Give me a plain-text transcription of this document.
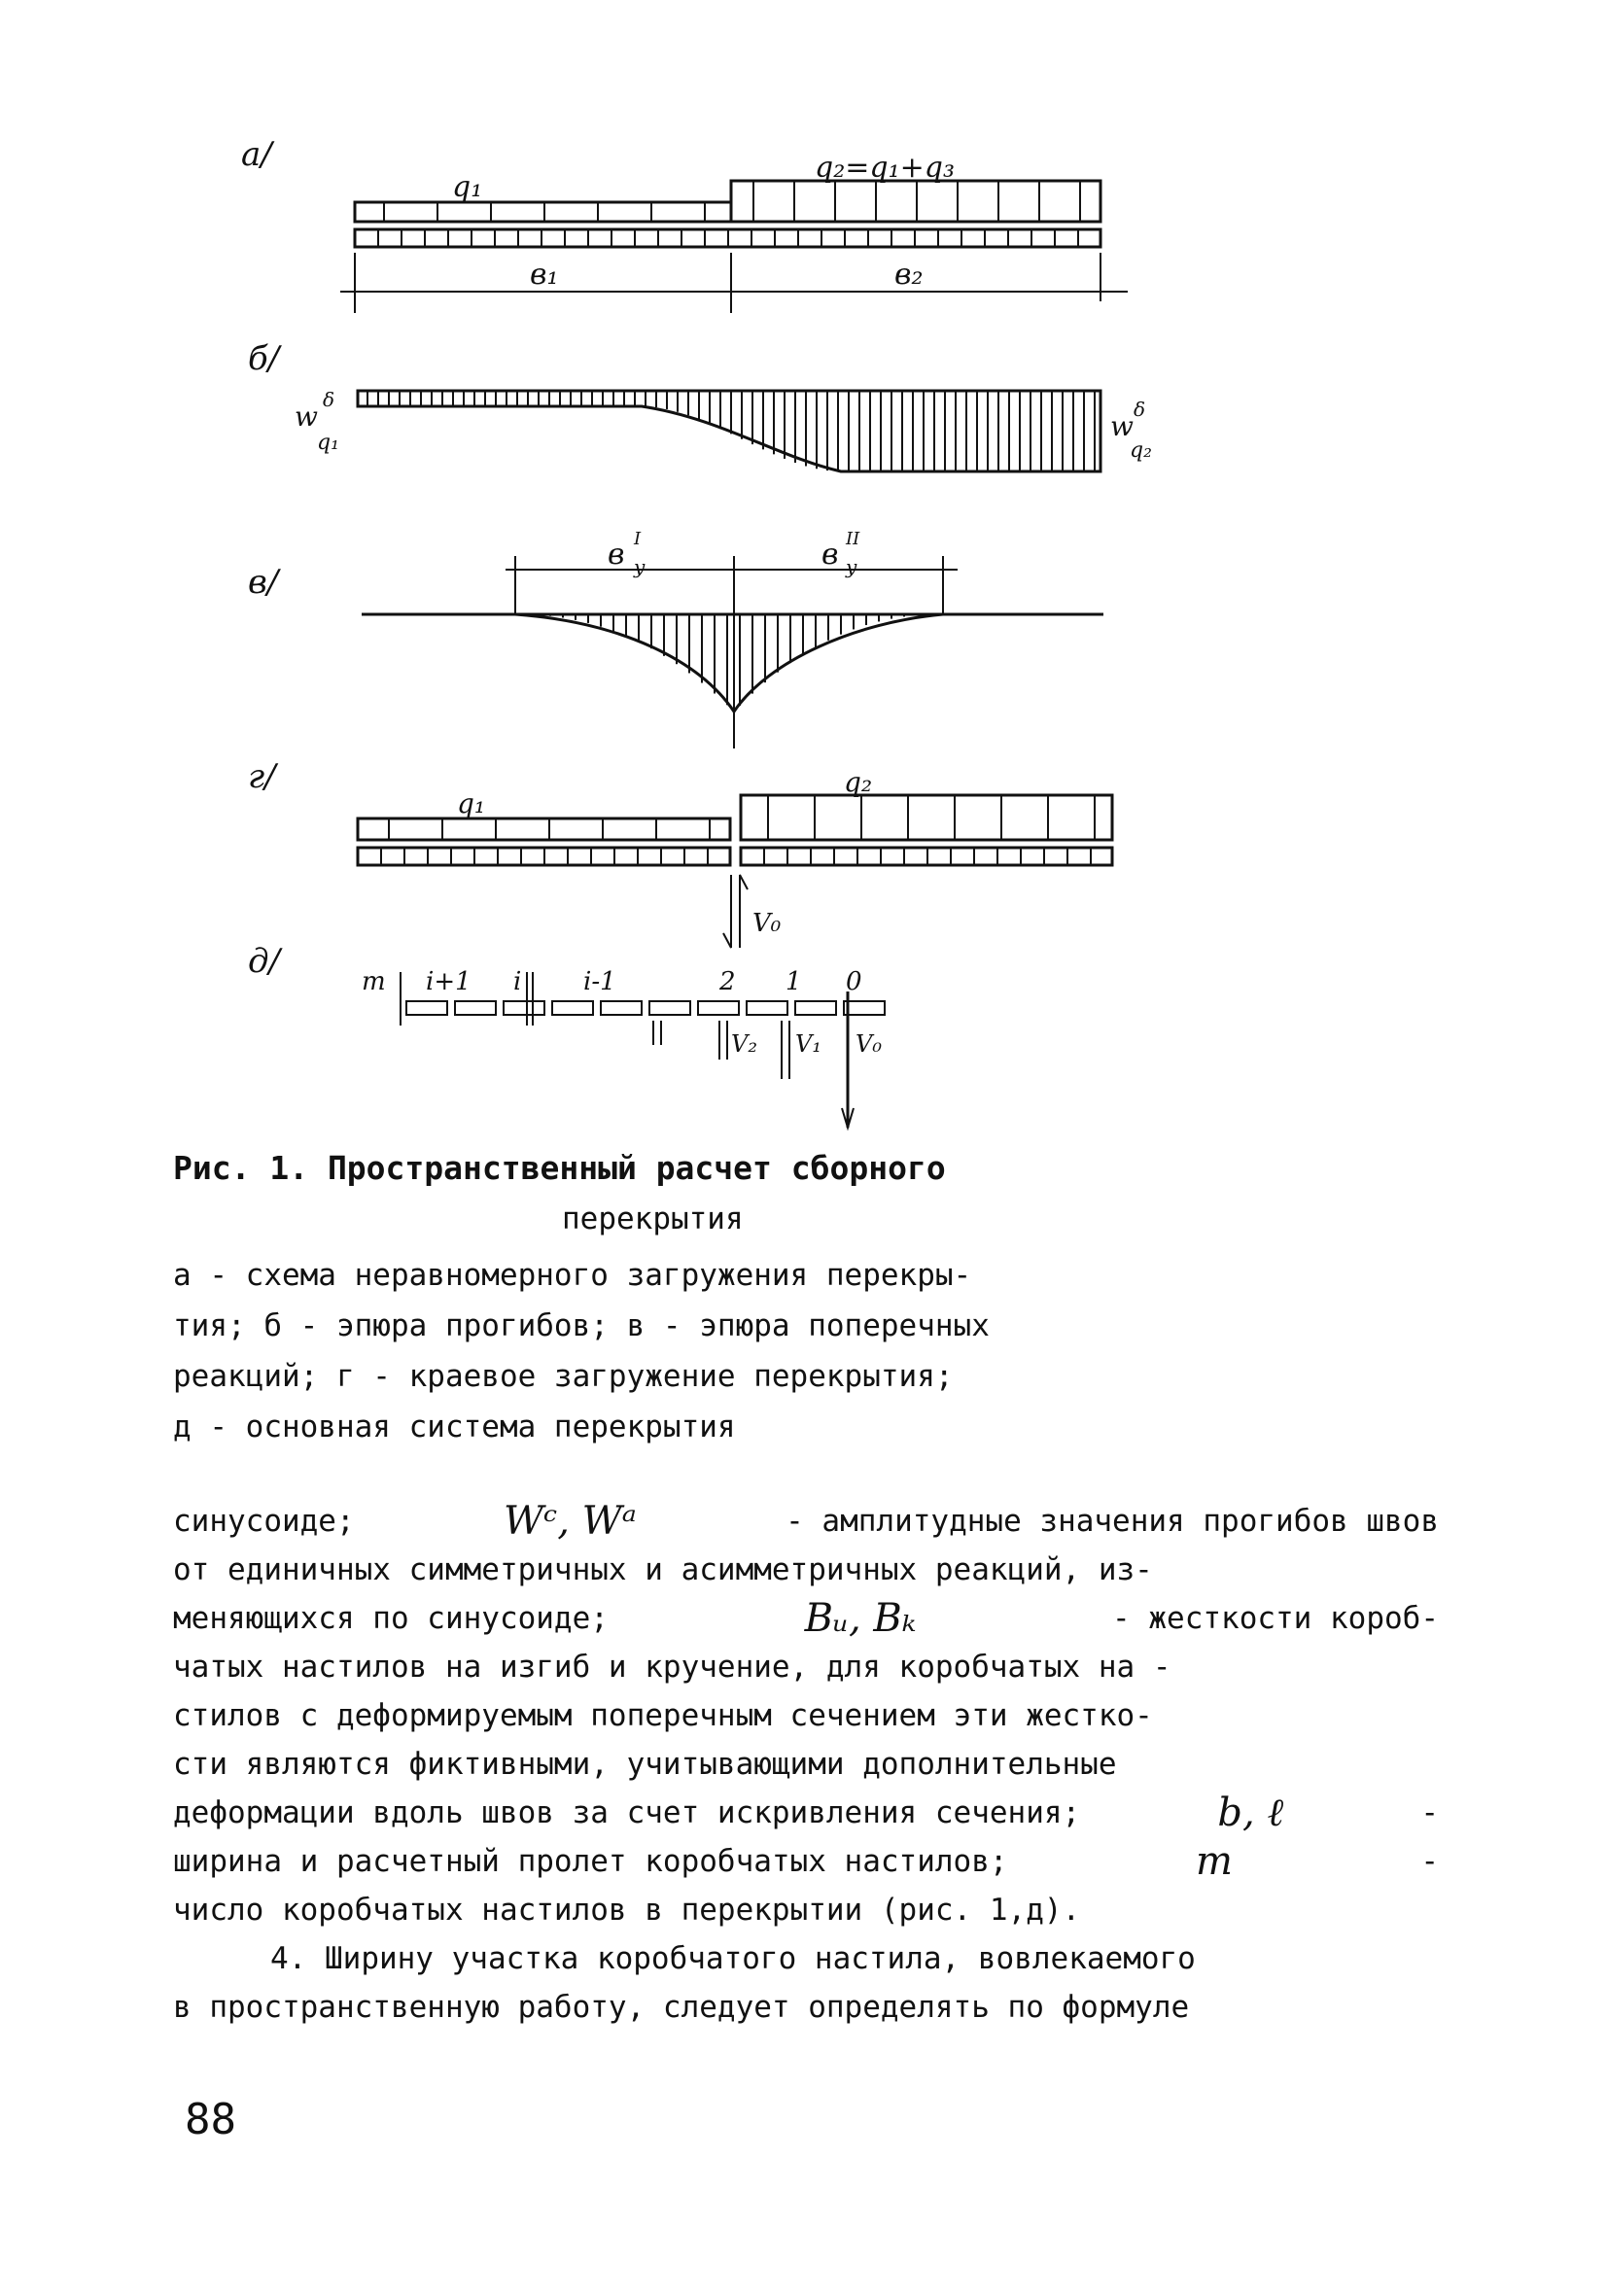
а/
q₁
q₂=q₁+q₃
в₁	в₂
б/
w
δ
q₁
w
δ
q₂
в/
в I
y	в II
y
г/
q₁
q₂
V₀
д/
m i+1 i i-1	2 1 0
V₂ V₁ V₀
Рис. 1. Пространственный расчет сборного
перекрытия
а - схема неравномерного загружения перекры-
тия; б - эпюра прогибов; в - эпюра поперечных
реакций; г - краевое загружение перекрытия;
д - основная система перекрытия
синусоиде;	Wᶜ, Wᵃ	- амплитудные значения прогибов швов
от единичных симметричных и асимметричных реакций, из-
меняющихся по синусоиде;	Bᵤ, Bₖ	- жесткости короб-
чатых настилов на изгиб и кручение, для коробчатых на -
стилов с деформируемым поперечным сечением эти жестко-
сти являются фиктивными, учитывающими дополнительные
деформации вдоль швов за счет искривления сечения;	b, ℓ	-
ширина и расчетный пролет коробчатых настилов;	m	-
число коробчатых настилов в перекрытии (рис. 1,д).
4. Ширину участка коробчатого настила, вовлекаемого
в пространственную работу, следует определять по формуле
88
